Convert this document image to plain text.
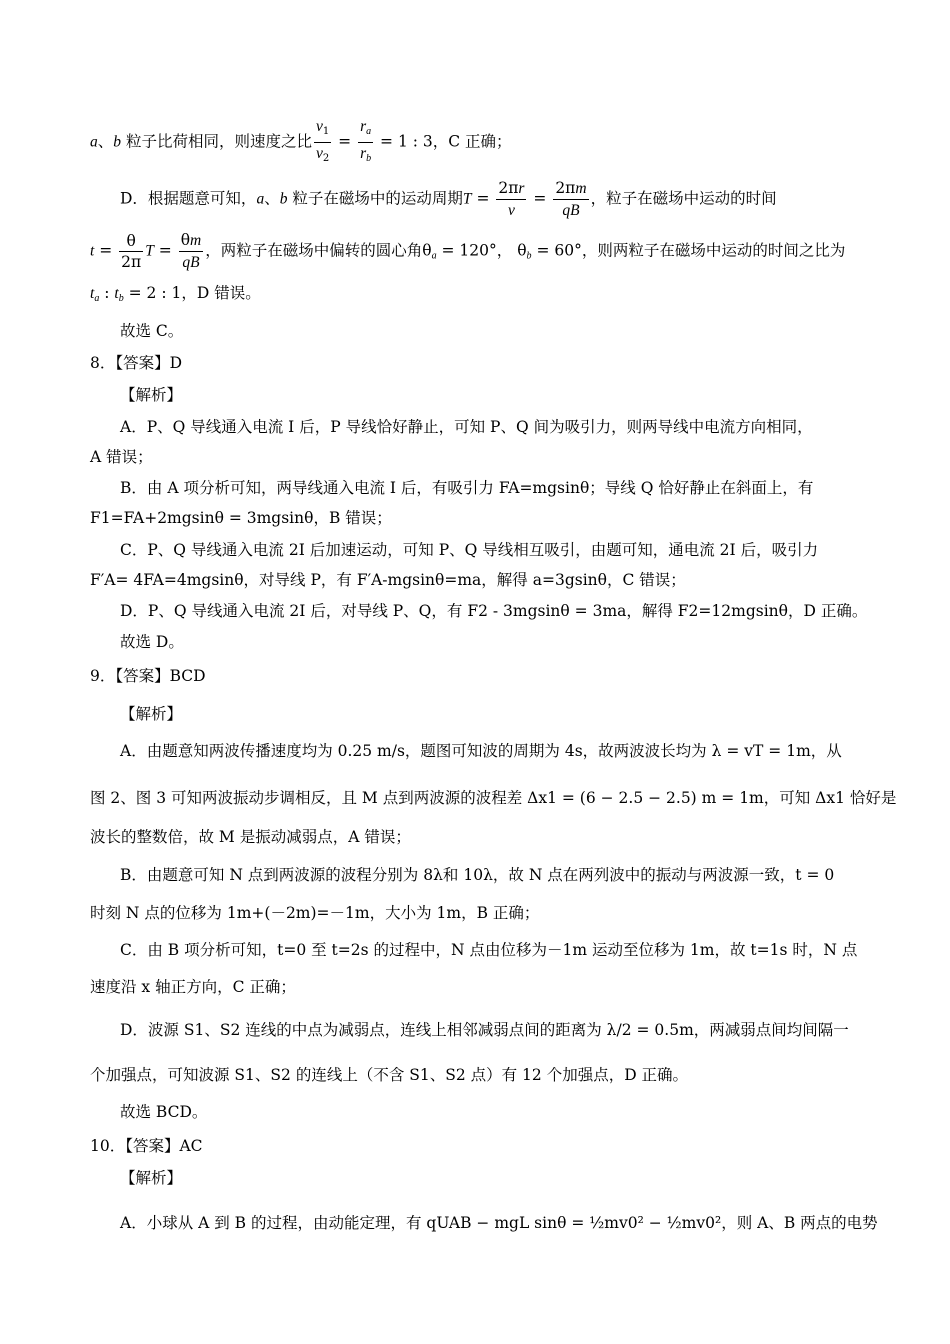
a、b 粒子比荷相同，则速度之比 $\frac{v_1}{v_2} = \frac{r_a}{r_b} = 1$ : 3，C 正确；
D．根据题意可知，a、b 粒子在磁场中的运动周期$T = \frac{2\pi r}{v} = \frac{2\pi m}{qB}$ ，粒子在磁场中运动的时间
$t = \frac{\theta}{2\pi}$ $T = \frac{\theta m}{qB}$ ，两粒子在磁场中偏转的圆心角$\theta_a = 120^\circ$， $\theta_b = 60^\circ$，则两粒子在磁场中运动的时间之比为
$t_a$ : $t_b = 2$ : 1，D 错误。
故选 C。
8．【答案】D
【解析】
A．P、Q 导线通入电流 I 后，P 导线恰好静止，可知 P、Q 间为吸引力，则两导线中电流方向相同，
A 错误；
B．由 A 项分析可知，两导线通入电流 I 后，有吸引力 FA=mgsinθ；导线 Q 恰好静止在斜面上，有
F1=FA+2mgsinθ = 3mgsinθ，B 错误；
C．P、Q 导线通入电流 2I 后加速运动，可知 P、Q 导线相互吸引，由题可知，通电流 2I 后，吸引力
F′A= 4FA=4mgsinθ，对导线 P，有 F′A-mgsinθ=ma，解得 a=3gsinθ，C 错误；
D．P、Q 导线通入电流 2I 后，对导线 P、Q，有 F2 - 3mgsinθ = 3ma，解得 F2=12mgsinθ，D 正确。
故选 D。
9．【答案】BCD
【解析】
A．由题意知两波传播速度均为 0.25 m/s，题图可知波的周期为 4s，故两波波长均为 λ = vT = 1m，从
图 2、图 3 可知两波振动步调相反，且 M 点到两波源的波程差 Δx1 = (6 − 2.5 − 2.5) m = 1m，可知 Δx1 恰好是
波长的整数倍，故 M 是振动减弱点，A 错误；
B．由题意可知 N 点到两波源的波程分别为 8λ和 10λ，故 N 点在两列波中的振动与两波源一致，t = 0
时刻 N 点的位移为 1m+(－2m)=－1m，大小为 1m，B 正确；
C．由 B 项分析可知，t=0 至 t=2s 的过程中，N 点由位移为－1m 运动至位移为 1m，故 t=1s 时，N 点
速度沿 x 轴正方向，C 正确；
D．波源 S1、S2 连线的中点为减弱点，连线上相邻减弱点间的距离为 λ/2 = 0.5m，两减弱点间均间隔一
个加强点，可知波源 S1、S2 的连线上（不含 S1、S2 点）有 12 个加强点，D 正确。
故选 BCD。
10．【答案】AC
【解析】
A．小球从 A 到 B 的过程，由动能定理，有 qUAB − mgL sinθ = ½mv0² − ½mv0²，则 A、B 两点的电势
